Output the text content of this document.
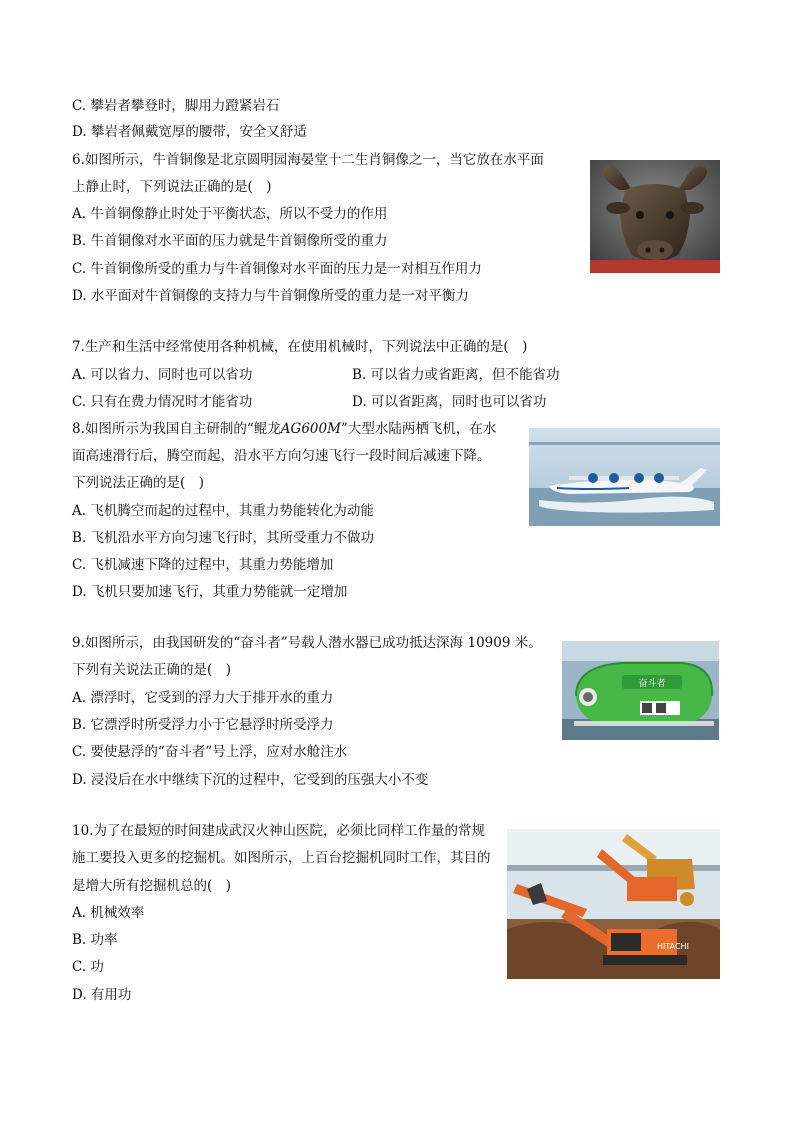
C. 攀岩者攀登时，脚用力蹬紧岩石
D. 攀岩者佩戴宽厚的腰带，安全又舒适
6.如图所示，牛首铜像是北京圆明园海晏堂十二生肖铜像之一，当它放在水平面
上静止时，下列说法正确的是(　)
A. 牛首铜像静止时处于平衡状态，所以不受力的作用
B. 牛首铜像对水平面的压力就是牛首铜像所受的重力
C. 牛首铜像所受的重力与牛首铜像对水平面的压力是一对相互作用力
D. 水平面对牛首铜像的支持力与牛首铜像所受的重力是一对平衡力
7.生产和生活中经常使用各种机械，在使用机械时，下列说法中正确的是(　)
A. 可以省力、同时也可以省功	B. 可以省力或省距离，但不能省功
C. 只有在费力情况时才能省功	D. 可以省距离，同时也可以省功
8.如图所示为我国自主研制的“鲲龙AG600M”大型水陆两栖飞机，在水
面高速滑行后，腾空而起，沿水平方向匀速飞行一段时间后减速下降。
下列说法正确的是(　)
A. 飞机腾空而起的过程中，其重力势能转化为动能
B. 飞机沿水平方向匀速飞行时，其所受重力不做功
C. 飞机减速下降的过程中，其重力势能增加
D. 飞机只要加速飞行，其重力势能就一定增加
9.如图所示，由我国研发的“奋斗者”号载人潜水器已成功抵达深海 10909 米。
下列有关说法正确的是(　)
A. 漂浮时，它受到的浮力大于排开水的重力
B. 它漂浮时所受浮力小于它悬浮时所受浮力
C. 要使悬浮的“奋斗者”号上浮，应对水舱注水
D. 浸没后在水中继续下沉的过程中，它受到的压强大小不变
奋斗者
10.为了在最短的时间建成武汉火神山医院，必须比同样工作量的常规
施工要投入更多的挖掘机。如图所示，上百台挖掘机同时工作，其目的
是增大所有挖掘机总的(　)
A. 机械效率
B. 功率
C. 功
D. 有用功
HITACHI
